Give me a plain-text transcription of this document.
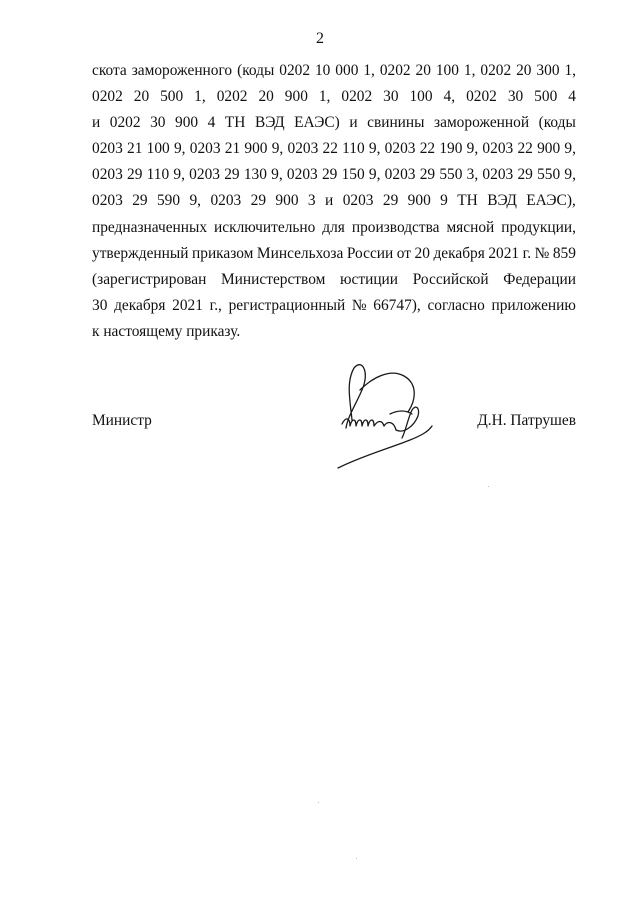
2
скота замороженного (коды 0202 10 000 1, 0202 20 100 1, 0202 20 300 1,
0202 20 500 1, 0202 20 900 1, 0202 30 100 4, 0202 30 500 4
и 0202 30 900 4 ТН ВЭД ЕАЭС) и свинины замороженной (коды
0203 21 100 9, 0203 21 900 9, 0203 22 110 9, 0203 22 190 9, 0203 22 900 9,
0203 29 110 9, 0203 29 130 9, 0203 29 150 9, 0203 29 550 3, 0203 29 550 9,
0203 29 590 9, 0203 29 900 3 и 0203 29 900 9 ТН ВЭД ЕАЭС),
предназначенных исключительно для производства мясной продукции,
утвержденный приказом Минсельхоза России от 20 декабря 2021 г. № 859
(зарегистрирован Министерством юстиции Российской Федерации
30 декабря 2021 г., регистрационный № 66747), согласно приложению
к настоящему приказу.
Министр	Д.Н. Патрушев
